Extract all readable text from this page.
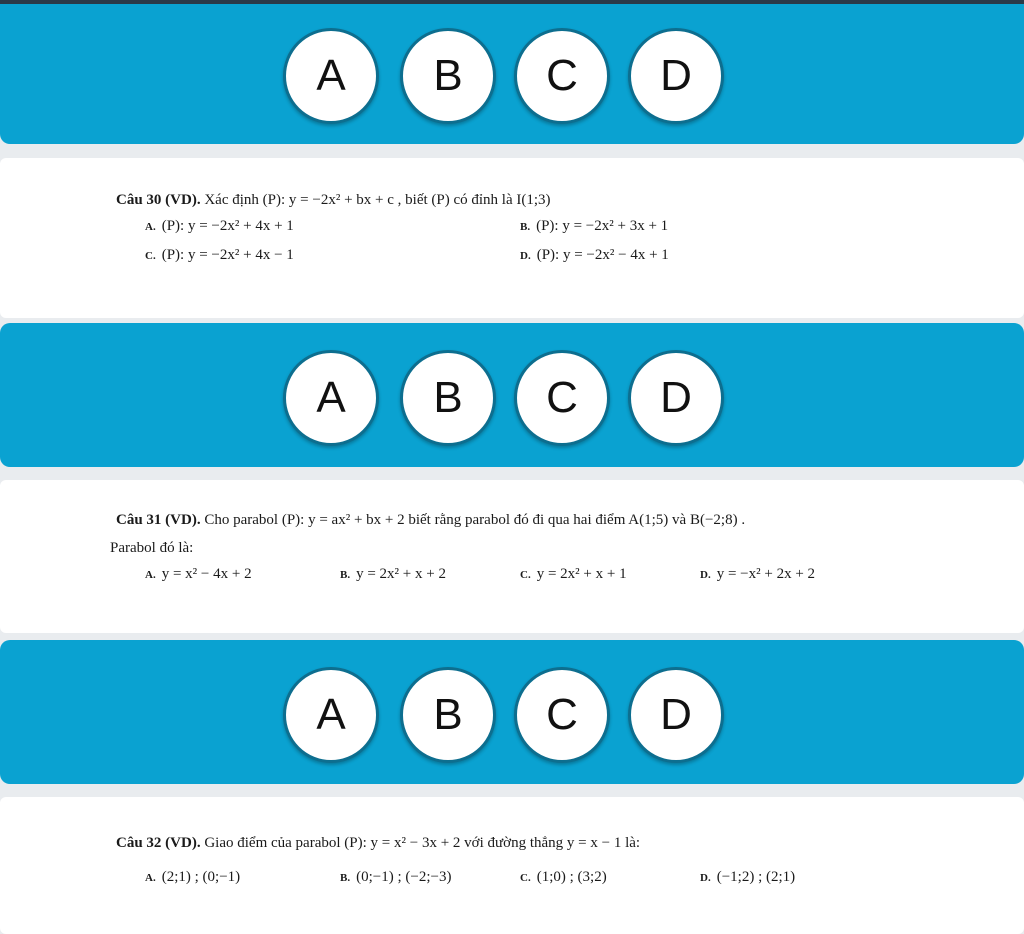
A	B	C	D
Câu 30 (VD). Xác định (P): y = −2x² + bx + c , biết (P) có đỉnh là I(1;3)
A. (P): y = −2x² + 4x + 1	B. (P): y = −2x² + 3x + 1
C. (P): y = −2x² + 4x − 1	D. (P): y = −2x² − 4x + 1
A	B	C	D
Câu 31 (VD). Cho parabol (P): y = ax² + bx + 2 biết rằng parabol đó đi qua hai điểm A(1;5) và B(−2;8) .
Parabol đó là:
A. y = x² − 4x + 2	B. y = 2x² + x + 2	C. y = 2x² + x + 1	D. y = −x² + 2x + 2
A	B	C	D
Câu 32 (VD). Giao điểm của parabol (P): y = x² − 3x + 2 với đường thẳng y = x − 1 là:
A. (2;1) ; (0;−1)	B. (0;−1) ; (−2;−3)	C. (1;0) ; (3;2)	D. (−1;2) ; (2;1)
